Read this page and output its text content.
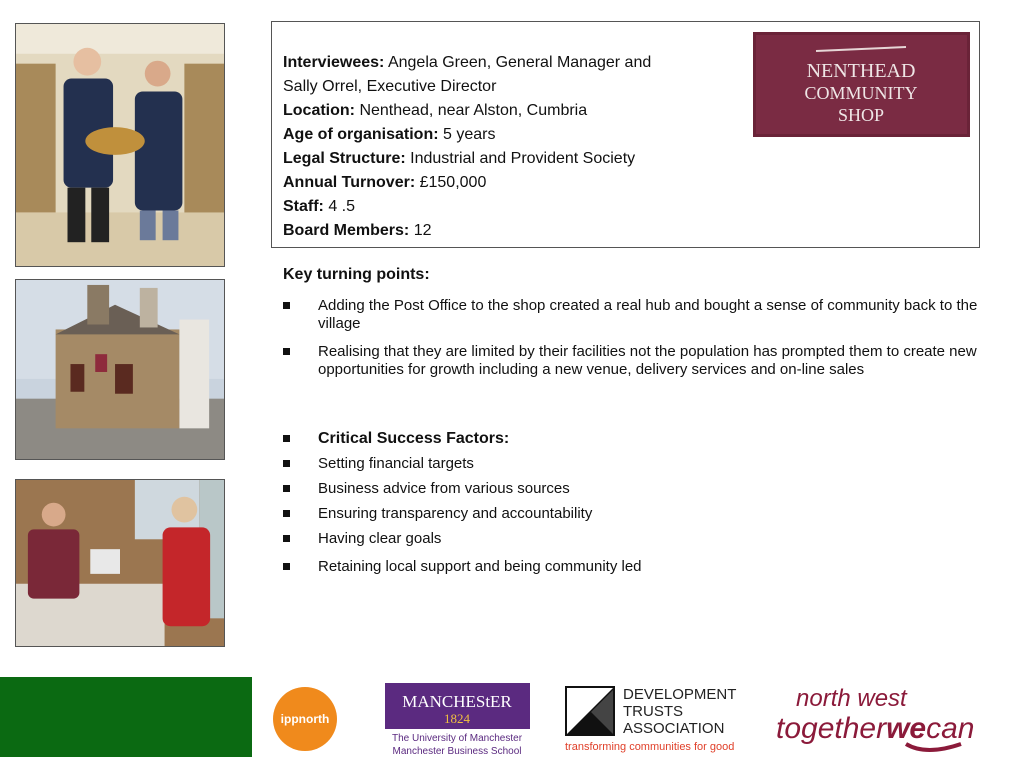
Interviewees: Angela Green, General Manager and
Sally Orrel, Executive Director
Location: Nenthead, near Alston, Cumbria
Age of organisation: 5 years
Legal Structure: Industrial and Provident Society
Annual Turnover: £150,000
Staff: 4 .5
Board Members: 12
NENTHEAD
COMMUNITY
SHOP
Key turning points:
Adding the Post Office to the shop created a real hub and bought a sense of community back to the village
Realising that they are limited by their facilities not the population has prompted them to create new opportunities for growth including a new venue, delivery services and on-line sales
Critical Success Factors:
Setting financial targets
Business advice from various sources
Ensuring transparency and accountability
Having clear goals
Retaining local support and being community led
ippnorth
MANCHEStER
1824
The University of Manchester
Manchester Business School
DEVELOPMENT
TRUSTS
ASSOCIATION
transforming communities for good
north west
togetherwecan
